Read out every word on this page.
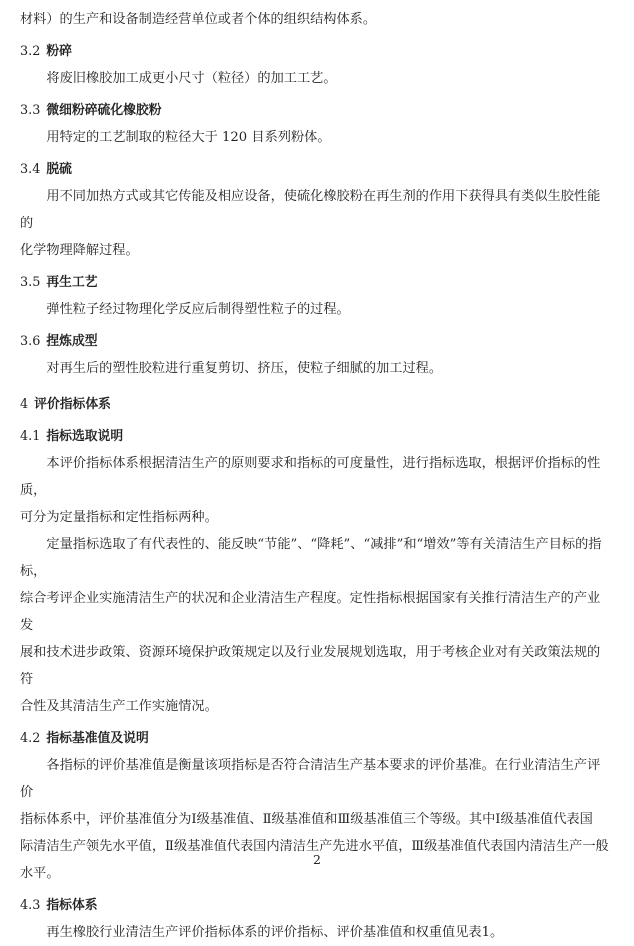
材料）的生产和设备制造经营单位或者个体的组织结构体系。

3.2 粉碎

将废旧橡胶加工成更小尺寸（粒径）的加工工艺。

3.3 微细粉碎硫化橡胶粉

用特定的工艺制取的粒径大于 120 目系列粉体。

3.4 脱硫

用不同加热方式或其它传能及相应设备，使硫化橡胶粉在再生剂的作用下获得具有类似生胶性能的

化学物理降解过程。

3.5 再生工艺

弹性粒子经过物理化学反应后制得塑性粒子的过程。

3.6 捏炼成型

对再生后的塑性胶粒进行重复剪切、挤压，使粒子细腻的加工过程。

4 评价指标体系
4.1 指标选取说明

本评价指标体系根据清洁生产的原则要求和指标的可度量性，进行指标选取，根据评价指标的性质，

可分为定量指标和定性指标两种。

定量指标选取了有代表性的、能反映“节能”、“降耗”、“减排”和“增效”等有关清洁生产目标的指标，

综合考评企业实施清洁生产的状况和企业清洁生产程度。定性指标根据国家有关推行清洁生产的产业发

展和技术进步政策、资源环境保护政策规定以及行业发展规划选取，用于考核企业对有关政策法规的符

合性及其清洁生产工作实施情况。

4.2 指标基准值及说明

各指标的评价基准值是衡量该项指标是否符合清洁生产基本要求的评价基准。在行业清洁生产评价

指标体系中，评价基准值分为Ⅰ级基准值、Ⅱ级基准值和Ⅲ级基准值三个等级。其中Ⅰ级基准值代表国

际清洁生产领先水平值，Ⅱ级基准值代表国内清洁生产先进水平值，Ⅲ级基准值代表国内清洁生产一般

水平。

4.3 指标体系

再生橡胶行业清洁生产评价指标体系的评价指标、评价基准值和权重值见表1。

2
